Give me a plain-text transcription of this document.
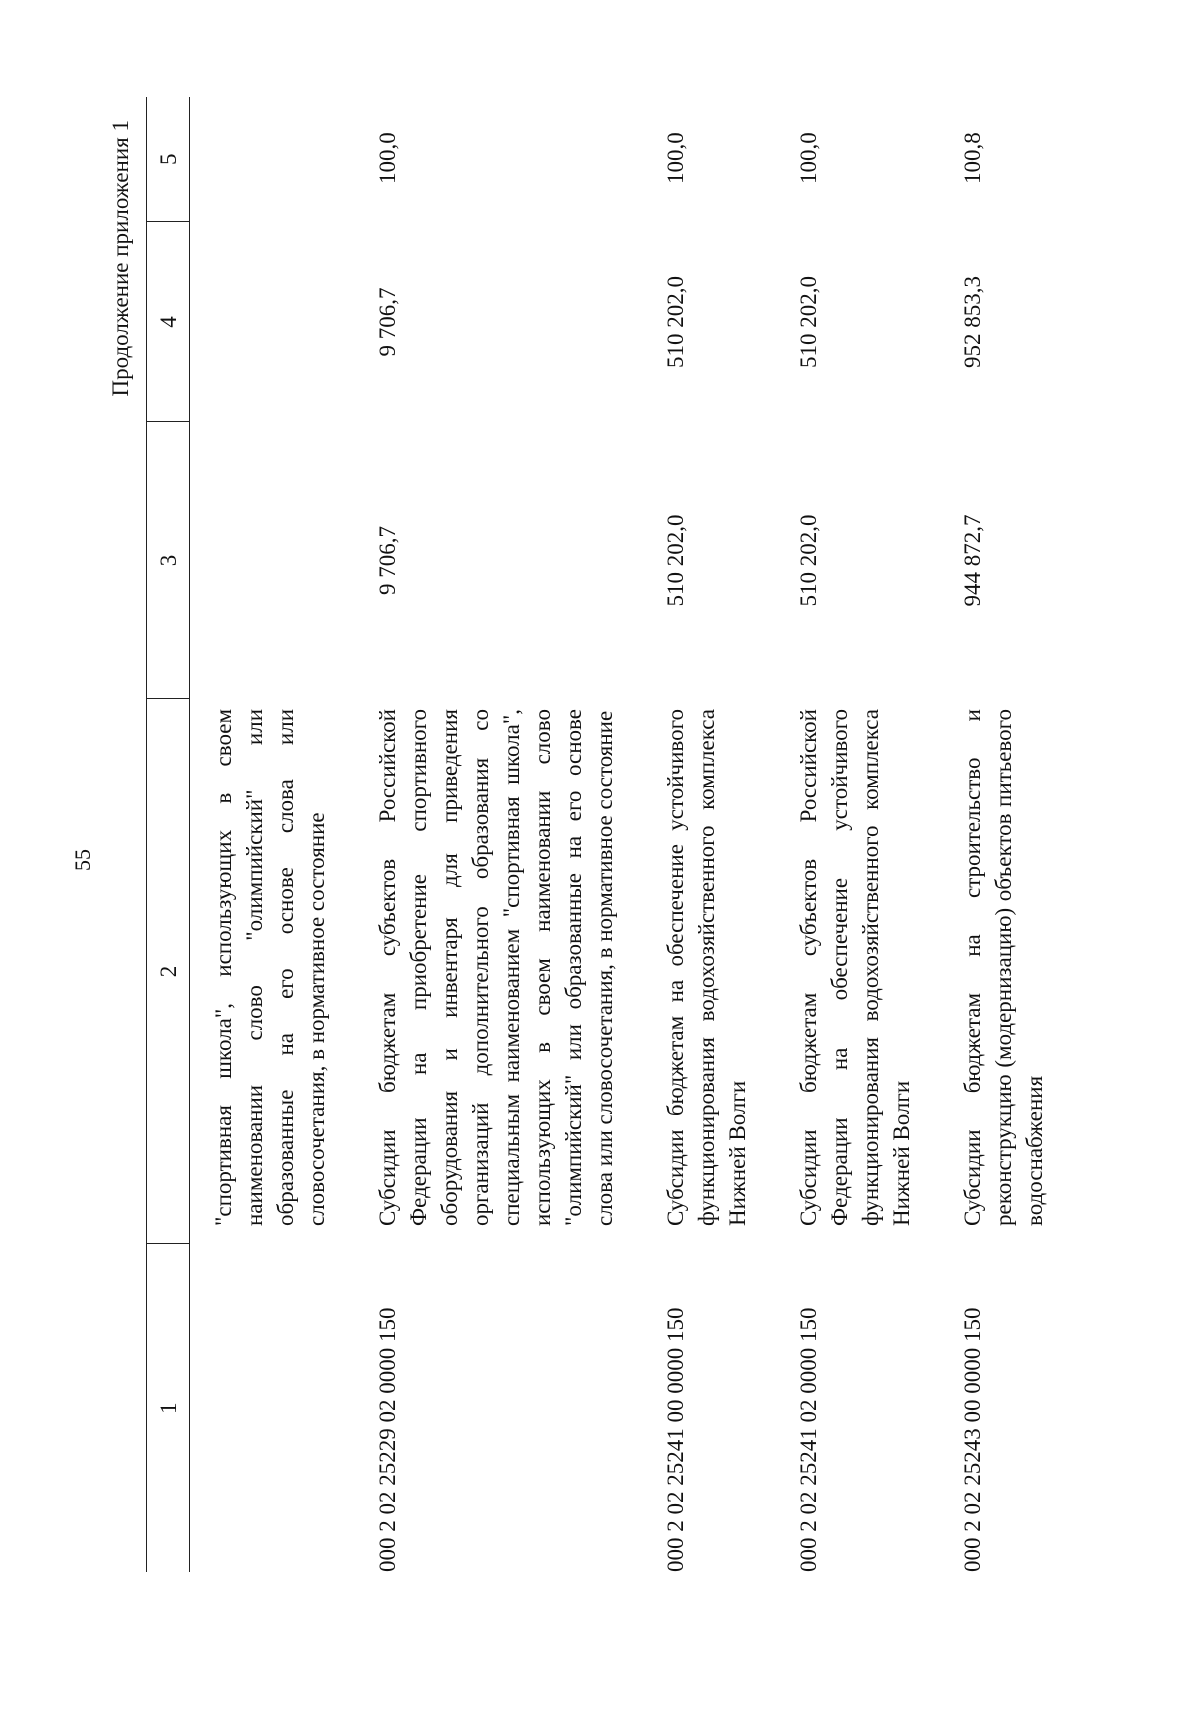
55
Продолжение приложения 1
1	2	3	4	5
	"спортивная школа", использующих в своем наименовании слово "олимпийский" или образованные на его основе слова или словосочетания, в нормативное состояние			
000 2 02 25229 02 0000 150	Субсидии бюджетам субъектов Российской Федерации на приобретение спортивного оборудования и инвентаря для приведения организаций дополнительного образования со специальным наименованием "спортивная школа", использующих в своем наименовании слово "олимпийский" или образованные на его основе слова или словосочетания, в нормативное состояние	9 706,7	9 706,7	100,0
000 2 02 25241 00 0000 150	Субсидии бюджетам на обеспечение устойчивого функционирования водохозяйственного комплекса Нижней Волги	510 202,0	510 202,0	100,0
000 2 02 25241 02 0000 150	Субсидии бюджетам субъектов Российской Федерации на обеспечение устойчивого функционирования водохозяйственного комплекса Нижней Волги	510 202,0	510 202,0	100,0
000 2 02 25243 00 0000 150	Субсидии бюджетам на строительство и реконструкцию (модернизацию) объектов питьевого водоснабжения	944 872,7	952 853,3	100,8
